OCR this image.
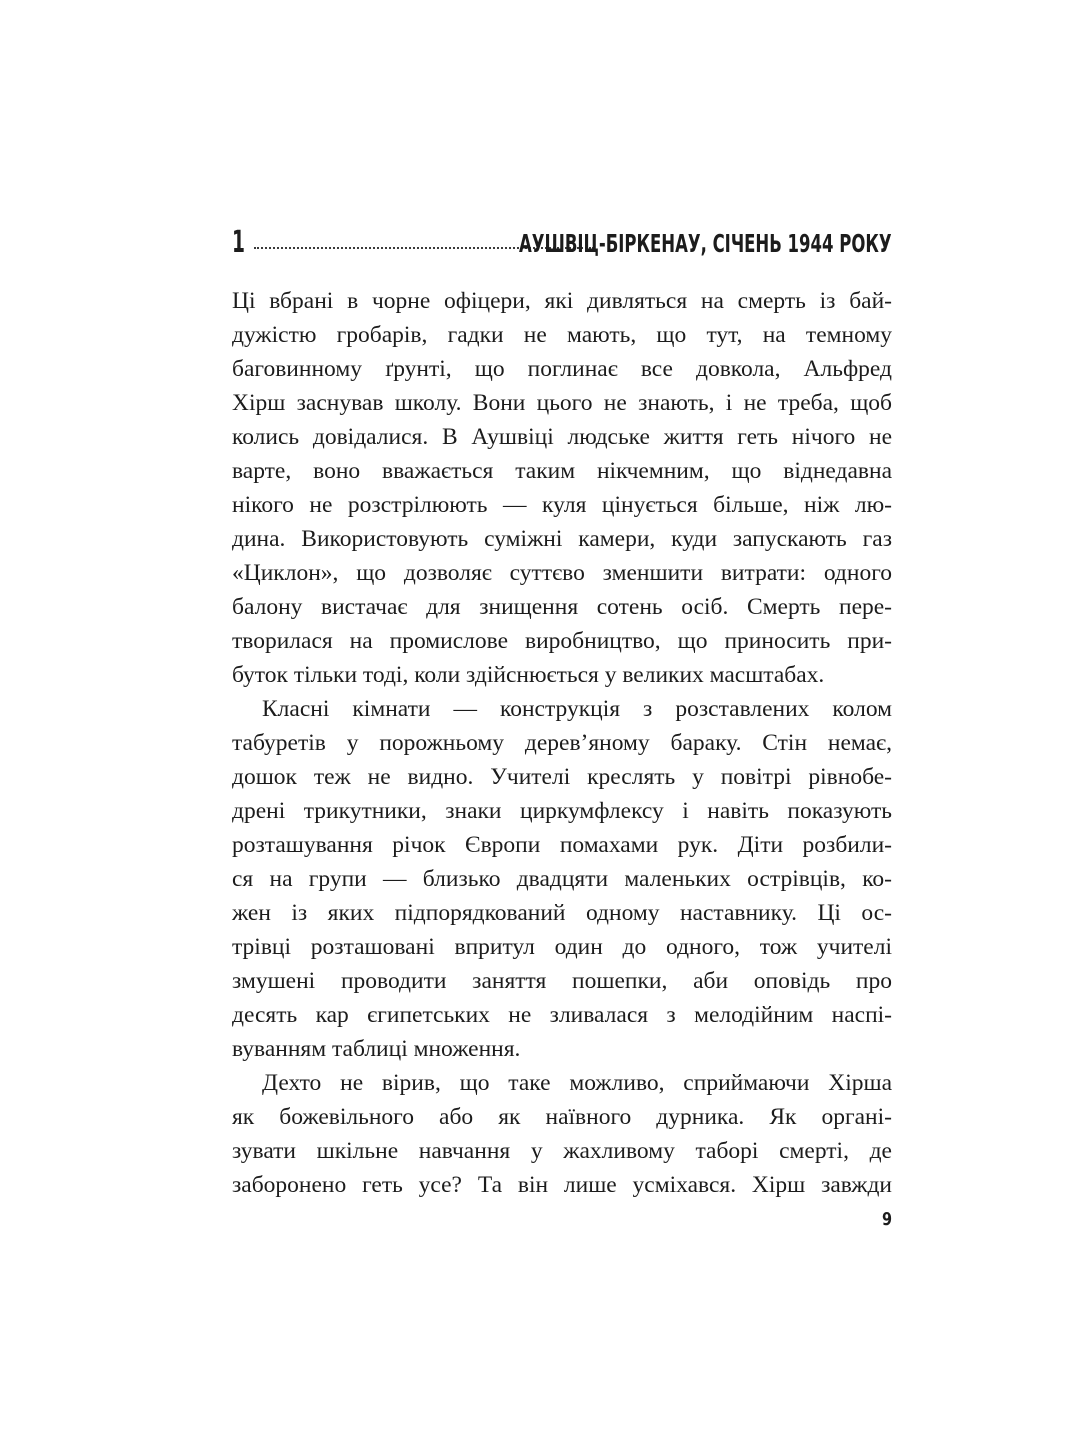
1	АУШВІЦ-БІРКЕНАУ, СІЧЕНЬ 1944 РОКУ
Ці вбрані в чорне офіцери, які дивляться на смерть із бай-
дужістю гробарів, гадки не мають, що тут, на темному
баговинному ґрунті, що поглинає все довкола, Альфред
Хірш заснував школу. Вони цього не знають, і не треба, щоб
колись довідалися. В Аушвіці людське життя геть нічого не
варте, воно вважається таким нікчемним, що віднедавна
нікого не розстрілюють — куля цінується більше, ніж лю-
дина. Використовують суміжні камери, куди запускають газ
«Циклон», що дозволяє суттєво зменшити витрати: одного
балону вистачає для знищення сотень осіб. Смерть пере-
творилася на промислове виробництво, що приносить при-
буток тільки тоді, коли здійснюється у великих масштабах.
Класні кімнати — конструкція з розставлених колом
табуретів у порожньому дерев’яному бараку. Стін немає,
дошок теж не видно. Учителі креслять у повітрі рівнобе-
дрені трикутники, знаки циркумфлексу і навіть показують
розташування річок Європи помахами рук. Діти розбили-
ся на групи — близько двадцяти маленьких острівців, ко-
жен із яких підпорядкований одному наставнику. Ці ос-
трівці розташовані впритул один до одного, тож учителі
змушені проводити заняття пошепки, аби оповідь про
десять кар єгипетських не зливалася з мелодійним наспі-
вуванням таблиці множення.
Дехто не вірив, що таке можливо, сприймаючи Хірша
як божевільного або як наївного дурника. Як органі-
зувати шкільне навчання у жахливому таборі смерті, де
заборонено геть усе? Та він лише усміхався. Хірш завжди
9
